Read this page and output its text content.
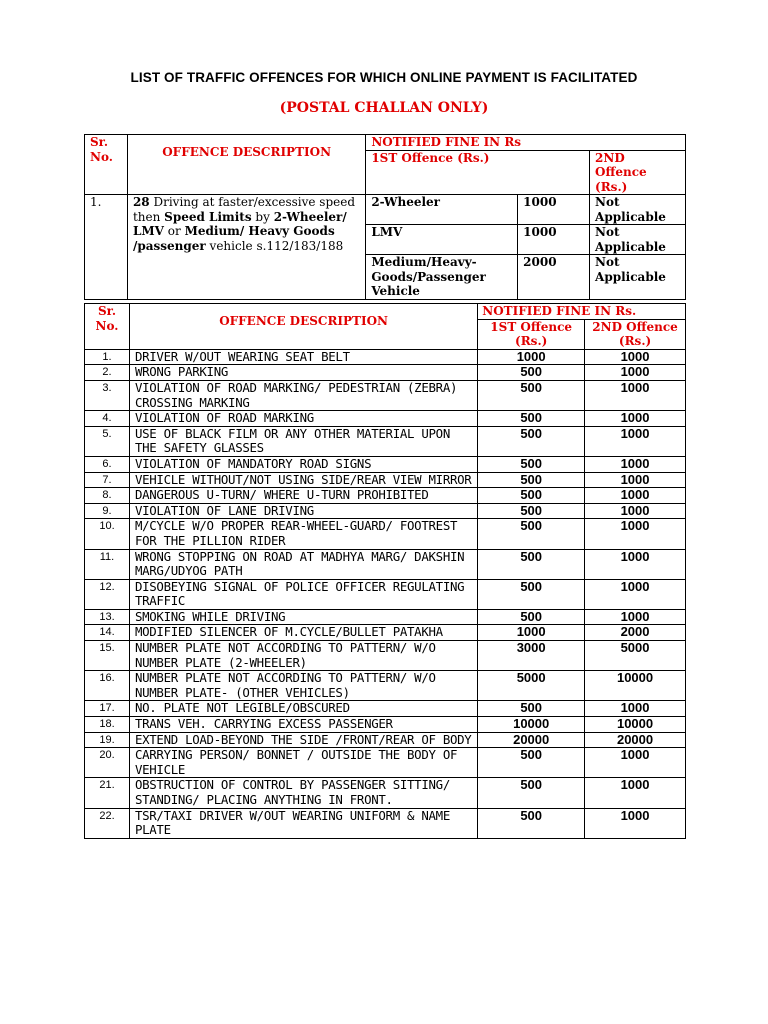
LIST OF TRAFFIC OFFENCES FOR WHICH ONLINE PAYMENT IS FACILITATED
(POSTAL CHALLAN ONLY)
Sr. No.	OFFENCE DESCRIPTION	NOTIFIED FINE IN Rs		
		1ST Offence (Rs.)		2ND Offence (Rs.)
1.	28 Driving at faster/excessive speed then Speed Limits by 2-Wheeler/ LMV or Medium/ Heavy Goods /passenger vehicle s.112/183/188	2-Wheeler	1000	Not Applicable
		LMV	1000	Not Applicable
		Medium/Heavy-Goods/Passenger Vehicle	2000	Not Applicable
Sr. No.	OFFENCE DESCRIPTION	NOTIFIED FINE IN Rs.	
		1ST Offence (Rs.)	2ND Offence (Rs.)
1.	DRIVER W/OUT WEARING SEAT BELT	1000	1000
2.	WRONG PARKING	500	1000
3.	VIOLATION OF ROAD MARKING/ PEDESTRIAN (ZEBRA) CROSSING MARKING	500	1000
4.	VIOLATION OF ROAD MARKING	500	1000
5.	USE OF BLACK FILM OR ANY OTHER MATERIAL UPON THE SAFETY GLASSES	500	1000
6.	VIOLATION OF MANDATORY ROAD SIGNS	500	1000
7.	VEHICLE WITHOUT/NOT USING SIDE/REAR VIEW MIRROR	500	1000
8.	DANGEROUS U-TURN/ WHERE U-TURN PROHIBITED	500	1000
9.	VIOLATION OF LANE DRIVING	500	1000
10.	M/CYCLE W/O PROPER REAR-WHEEL-GUARD/ FOOTREST FOR THE PILLION RIDER	500	1000
11.	WRONG STOPPING ON ROAD AT MADHYA MARG/ DAKSHIN MARG/UDYOG PATH	500	1000
12.	DISOBEYING SIGNAL OF POLICE OFFICER REGULATING TRAFFIC	500	1000
13.	SMOKING WHILE DRIVING	500	1000
14.	MODIFIED SILENCER OF M.CYCLE/BULLET PATAKHA	1000	2000
15.	NUMBER PLATE NOT ACCORDING TO PATTERN/ W/O NUMBER PLATE (2-WHEELER)	3000	5000
16.	NUMBER PLATE NOT ACCORDING TO PATTERN/ W/O NUMBER PLATE- (OTHER VEHICLES)	5000	10000
17.	NO. PLATE NOT LEGIBLE/OBSCURED	500	1000
18.	TRANS VEH. CARRYING EXCESS PASSENGER	10000	10000
19.	EXTEND LOAD-BEYOND THE SIDE /FRONT/REAR OF BODY	20000	20000
20.	CARRYING PERSON/ BONNET / OUTSIDE THE BODY OF VEHICLE	500	1000
21.	OBSTRUCTION OF CONTROL BY PASSENGER SITTING/ STANDING/ PLACING ANYTHING IN FRONT.	500	1000
22.	TSR/TAXI DRIVER W/OUT WEARING UNIFORM & NAME PLATE	500	1000
